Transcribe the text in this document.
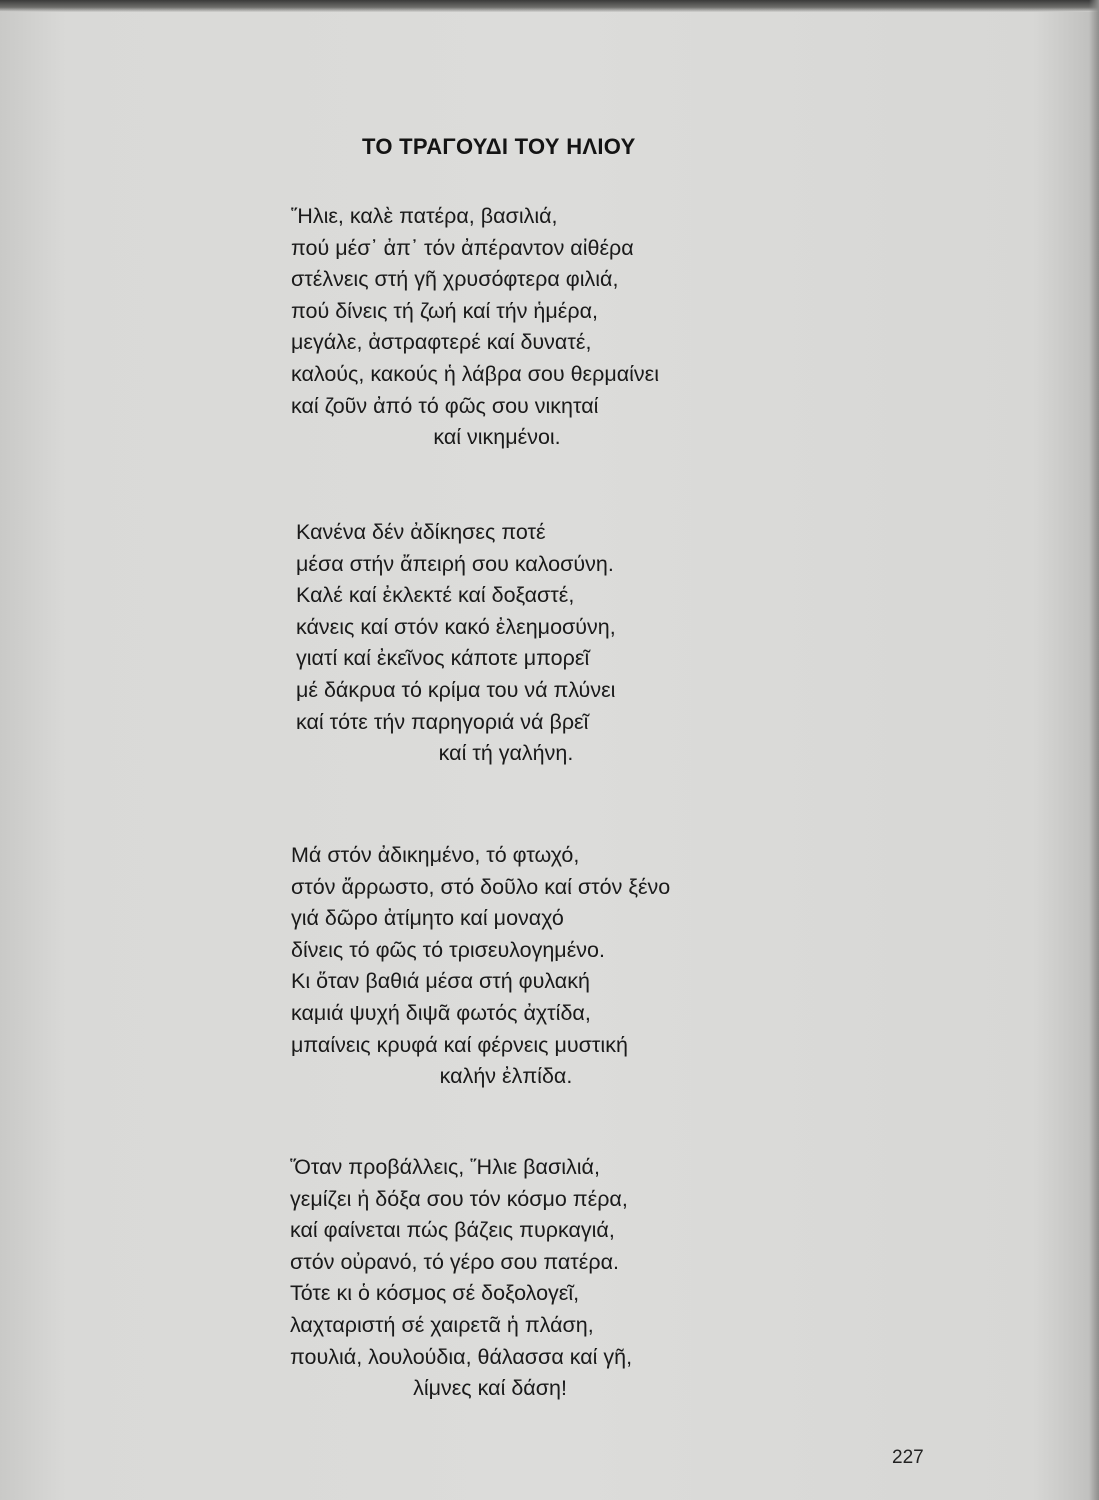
ΤΟ ΤΡΑΓΟΥΔΙ ΤΟΥ ΗΛΙΟΥ
Ἥλιε, καλὲ πατέρα, βασιλιά,
πού μέσ᾽ ἀπ᾽ τόν ἀπέραντον αἰθέρα
στέλνεις στή γῆ χρυσόφτερα φιλιά,
πού δίνεις τή ζωή καί τήν ἡμέρα,
μεγάλε, ἀστραφτερέ καί δυνατέ,
καλούς, κακούς ἡ λάβρα σου θερμαίνει
καί ζοῦν ἀπό τό φῶς σου νικηταί
καί νικημένοι.
Κανένα δέν ἀδίκησες ποτέ
μέσα στήν ἄπειρή σου καλοσύνη.
Καλέ καί ἐκλεκτέ καί δοξαστέ,
κάνεις καί στόν κακό ἐλεημοσύνη,
γιατί καί ἐκεῖνος κάποτε μπορεῖ
μέ δάκρυα τό κρίμα του νά πλύνει
καί τότε τήν παρηγοριά νά βρεῖ
καί τή γαλήνη.
Μά στόν ἀδικημένο, τό φτωχό,
στόν ἄρρωστο, στό δοῦλο καί στόν ξένο
γιά δῶρο ἀτίμητο καί μοναχό
δίνεις τό φῶς τό τρισευλογημένο.
Κι ὅταν βαθιά μέσα στή φυλακή
καμιά ψυχή διψᾶ φωτός ἀχτίδα,
μπαίνεις κρυφά καί φέρνεις μυστική
καλήν ἐλπίδα.
Ὅταν προβάλλεις, Ἥλιε βασιλιά,
γεμίζει ἡ δόξα σου τόν κόσμο πέρα,
καί φαίνεται πώς βάζεις πυρκαγιά,
στόν οὐρανό, τό γέρο σου πατέρα.
Τότε κι ὁ κόσμος σέ δοξολογεῖ,
λαχταριστή σέ χαιρετᾶ ἡ πλάση,
πουλιά, λουλούδια, θάλασσα καί γῆ,
λίμνες καί δάση!
227
